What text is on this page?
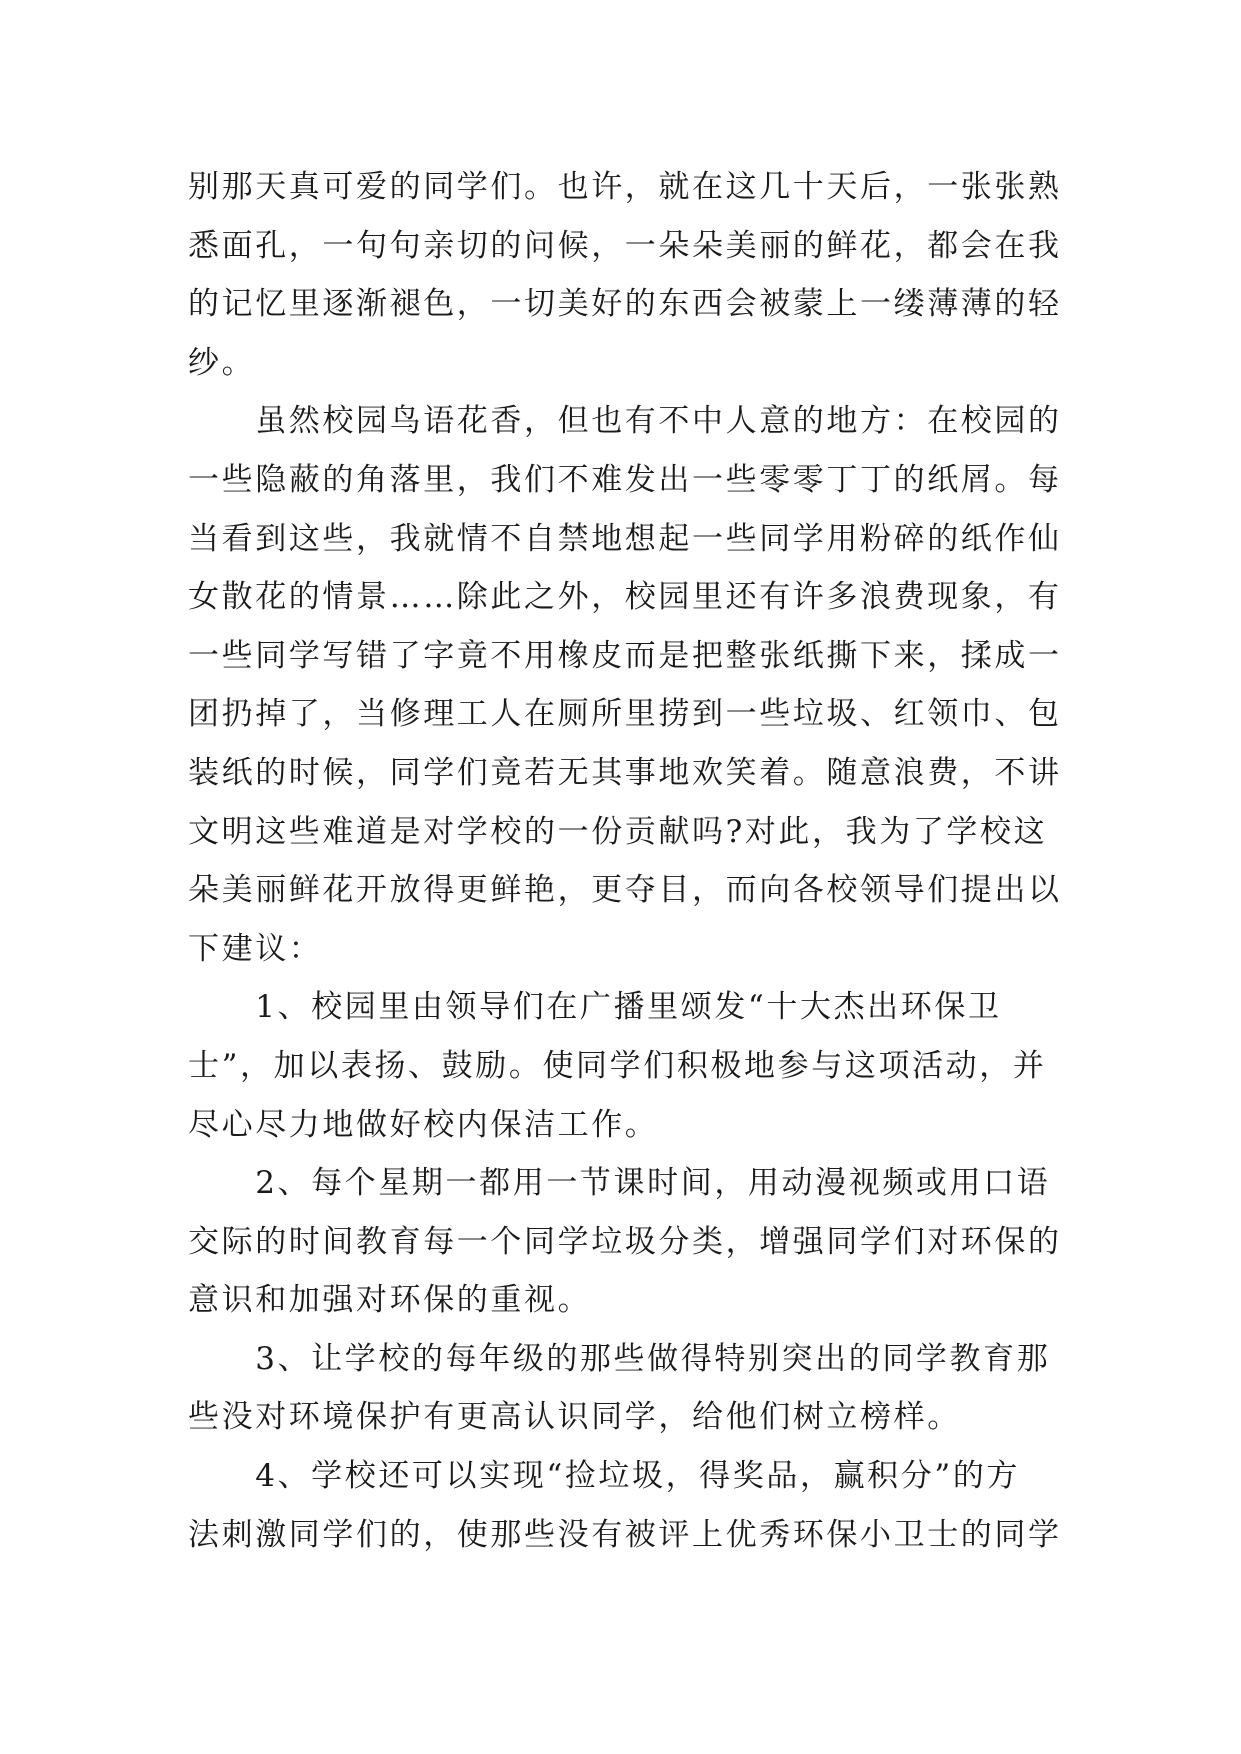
别那天真可爱的同学们。也许，就在这几十天后，一张张熟
悉面孔，一句句亲切的问候，一朵朵美丽的鲜花，都会在我
的记忆里逐渐褪色，一切美好的东西会被蒙上一缕薄薄的轻
纱。
　　虽然校园鸟语花香，但也有不中人意的地方：在校园的
一些隐蔽的角落里，我们不难发出一些零零丁丁的纸屑。每
当看到这些，我就情不自禁地想起一些同学用粉碎的纸作仙
女散花的情景……除此之外，校园里还有许多浪费现象，有
一些同学写错了字竟不用橡皮而是把整张纸撕下来，揉成一
团扔掉了，当修理工人在厕所里捞到一些垃圾、红领巾、包
装纸的时候，同学们竟若无其事地欢笑着。随意浪费，不讲
文明这些难道是对学校的一份贡献吗?对此，我为了学校这
朵美丽鲜花开放得更鲜艳，更夺目，而向各校领导们提出以
下建议：
　　1、校园里由领导们在广播里颂发“十大杰出环保卫
士”，加以表扬、鼓励。使同学们积极地参与这项活动，并
尽心尽力地做好校内保洁工作。
　　2、每个星期一都用一节课时间，用动漫视频或用口语
交际的时间教育每一个同学垃圾分类，增强同学们对环保的
意识和加强对环保的重视。
　　3、让学校的每年级的那些做得特别突出的同学教育那
些没对环境保护有更高认识同学，给他们树立榜样。
　　4、学校还可以实现“捡垃圾，得奖品，赢积分”的方
法刺激同学们的，使那些没有被评上优秀环保小卫士的同学
